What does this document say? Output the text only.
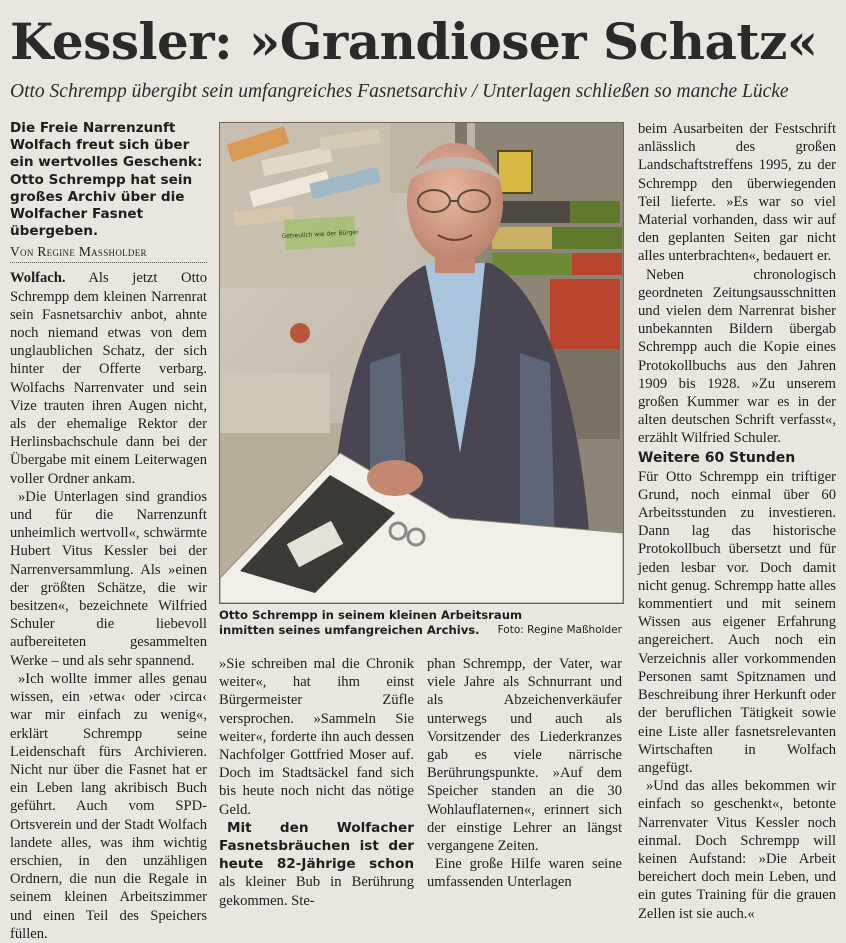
Kessler: »Grandioser Schatz«
Otto Schrempp übergibt sein umfangreiches Fasnetsarchiv / Unterlagen schließen so manche Lücke
Die Freie Narrenzunft Wolfach freut sich über ein wertvolles Geschenk: Otto Schrempp hat sein großes Archiv über die Wolfacher Fasnet übergeben.
Von Regine Massholder

Wolfach. Als jetzt Otto Schrempp dem kleinen Narrenrat sein Fasnetsarchiv anbot, ahnte noch niemand etwas von dem unglaublichen Schatz, der sich hinter der Offerte verbarg. Wolfachs Narrenvater und sein Vize trauten ihren Augen nicht, als der ehemalige Rektor der Herlinsbachschule dann bei der Übergabe mit einem Leiterwagen voller Ordner ankam.

»Die Unterlagen sind grandios und für die Narrenzunft unheimlich wertvoll«, schwärmte Hubert Vitus Kessler bei der Narrenversammlung. Als »einen der größten Schätze, die wir besitzen«, bezeichnete Wilfried Schuler die liebevoll aufbereiteten gesammelten Werke – und als sehr spannend.

»Ich wollte immer alles genau wissen, ein ›etwa‹ oder ›circa‹ war mir einfach zu wenig«, erklärt Schrempp seine Leidenschaft fürs Archivieren. Nicht nur über die Fasnet hat er ein Leben lang akribisch Buch geführt. Auch vom SPD-Ortsverein und der Stadt Wolfach landete alles, was ihm wichtig erschien, in den unzähligen Ordnern, die nun die Regale in seinem kleinen Arbeitszimmer und einen Teil des Speichers füllen.

Getreulich wie der Bürger
Otto Schrempp in seinem kleinen Arbeitsraum inmitten seines umfangreichen Archivs.	Foto: Regine Maßholder

»Sie schreiben mal die Chronik weiter«, hat ihm einst Bürgermeister Züfle versprochen. »Sammeln Sie weiter«, forderte ihn auch dessen Nachfolger Gottfried Moser auf. Doch im Stadtsäckel fand sich bis heute noch nicht das nötige Geld.

Mit den Wolfacher Fasnetsbräuchen ist der heute 82-Jährige schon als kleiner Bub in Berührung gekommen. Ste-

phan Schrempp, der Vater, war viele Jahre als Schnurrant und als Abzeichenverkäufer unterwegs und auch als Vorsitzender des Liederkranzes gab es viele närrische Berührungspunkte. »Auf dem Speicher standen an die 30 Wohlauflaternen«, erinnert sich der einstige Lehrer an längst vergangene Zeiten.

Eine große Hilfe waren seine umfassenden Unterlagen

beim Ausarbeiten der Festschrift anlässlich des großen Landschaftstreffens 1995, zu der Schrempp den überwiegenden Teil lieferte. »Es war so viel Material vorhanden, dass wir auf den geplanten Seiten gar nicht alles unterbrachten«, bedauert er.

Neben chronologisch geordneten Zeitungsausschnitten und vielen dem Narrenrat bisher unbekannten Bildern übergab Schrempp auch die Kopie eines Protokollbuchs aus den Jahren 1909 bis 1928. »Zu unserem großen Kummer war es in der alten deutschen Schrift verfasst«, erzählt Wilfried Schuler.

Weitere 60 Stunden

Für Otto Schrempp ein triftiger Grund, noch einmal über 60 Arbeitsstunden zu investieren. Dann lag das historische Protokollbuch übersetzt und für jeden lesbar vor. Doch damit nicht genug. Schrempp hatte alles kommentiert und mit seinem Wissen aus eigener Erfahrung angereichert. Auch noch ein Verzeichnis aller vorkommenden Personen samt Spitznamen und Beschreibung ihrer Herkunft oder der beruflichen Tätigkeit sowie eine Liste aller fasnetsrelevanten Wirtschaften in Wolfach angefügt.

»Und das alles bekommen wir einfach so geschenkt«, betonte Narrenvater Vitus Kessler noch einmal. Doch Schrempp will keinen Aufstand: »Die Arbeit bereichert doch mein Leben, und ein gutes Training für die grauen Zellen ist sie auch.«
